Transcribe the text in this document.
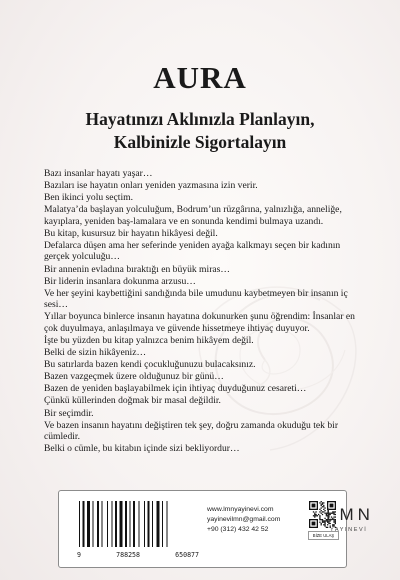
AURA
Hayatınızı Aklınızla Planlayın,
Kalbinizle Sigortalayın

Bazı insanlar hayatı yaşar…

Bazıları ise hayatın onları yeniden yazmasına izin verir.

Ben ikinci yolu seçtim.

Malatya’da başlayan yolculuğum, Bodrum’un rüzgârına, yalnızlığa, anneliğe, kayıplara, yeniden baş-lamalara ve en sonunda kendimi bulmaya uzandı.

Bu kitap, kusursuz bir hayatın hikâyesi değil.

Defalarca düşen ama her seferinde yeniden ayağa kalkmayı seçen bir kadının gerçek yolculuğu…

Bir annenin evladına bıraktığı en büyük miras…

Bir liderin insanlara dokunma arzusu…

Ve her şeyini kaybettiğini sandığında bile umudunu kaybetmeyen bir insanın iç sesi…

Yıllar boyunca binlerce insanın hayatına dokunurken şunu öğrendim: İnsanlar en çok duyulmaya, anlaşılmaya ve güvende hissetmeye ihtiyaç duyuyor.

İşte bu yüzden bu kitap yalnızca benim hikâyem değil.

Belki de sizin hikâyeniz…

Bu satırlarda bazen kendi çocukluğunuzu bulacaksınız.

Bazen vazgeçmek üzere olduğunuz bir günü…

Bazen de yeniden başlayabilmek için ihtiyaç duyduğunuz cesareti…

Çünkü küllerinden doğmak bir masal değildir.

Bir seçimdir.

Ve bazen insanın hayatını değiştiren tek şey, doğru zamanda okuduğu tek bir cümledir.

Belki o cümle, bu kitabın içinde sizi bekliyordur…

9	788258	650877
www.lmnyayinevi.com
yayinevilmn@gmail.com
+90 (312) 432 42 52
BİZE ULAŞ
LMN
YAYINEVİ
